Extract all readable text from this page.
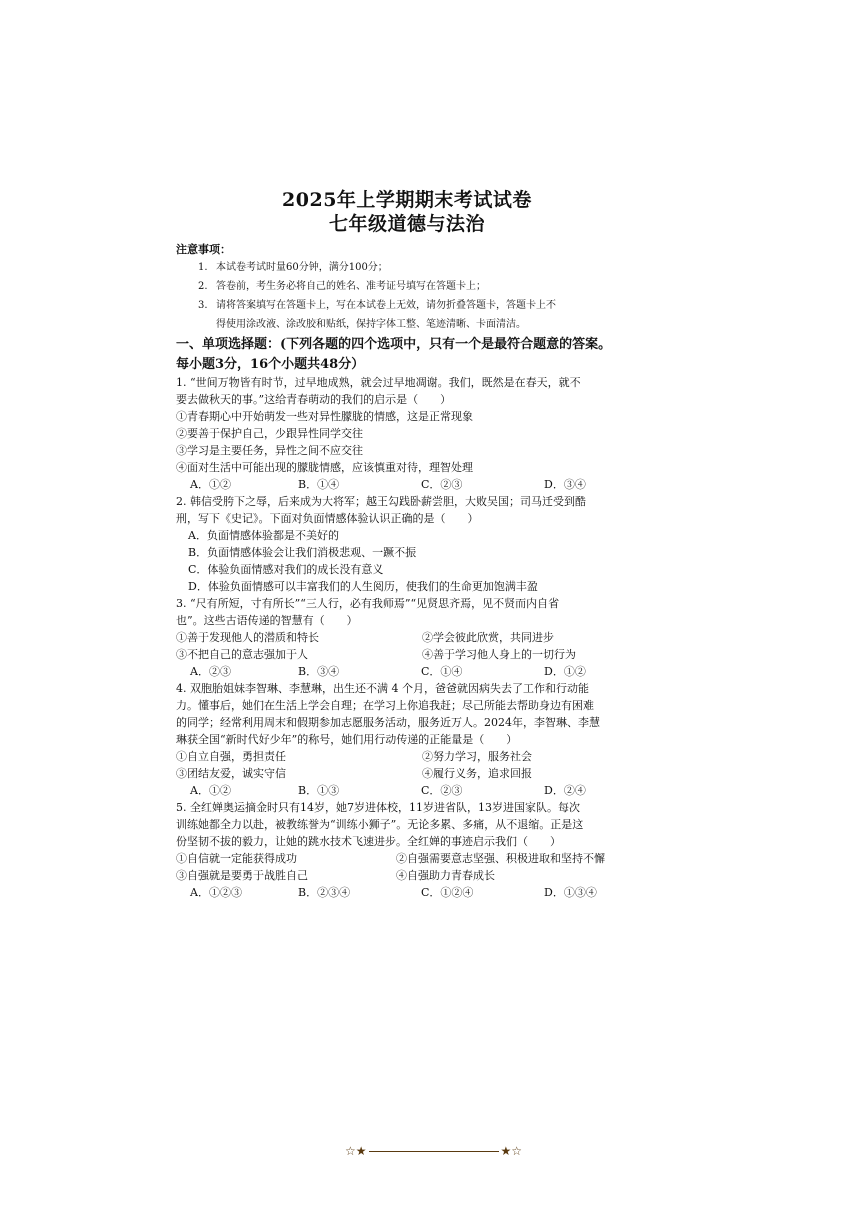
2025年上学期期末考试试卷
七年级道德与法治
注意事项：
1. 本试卷考试时量60分钟，满分100分；
2. 答卷前，考生务必将自己的姓名、准考证号填写在答题卡上；
3. 请将答案填写在答题卡上，写在本试卷上无效，请勿折叠答题卡，答题卡上不
得使用涂改液、涂改胶和贴纸，保持字体工整、笔迹清晰、卡面清洁。
一、单项选择题：(下列各题的四个选项中，只有一个是最符合题意的答案。
每小题3分，16个小题共48分）
1. “世间万物皆有时节，过早地成熟，就会过早地凋谢。我们，既然是在春天，就不
要去做秋天的事。”这给青春萌动的我们的启示是（　　）
①青春期心中开始萌发一些对异性朦胧的情感，这是正常现象
②要善于保护自己，少跟异性同学交往
③学习是主要任务，异性之间不应交往
④面对生活中可能出现的朦胧情感，应该慎重对待，理智处理
A．①②	B．①④	C．②③	D．③④
2. 韩信受胯下之辱，后来成为大将军；越王勾践卧薪尝胆，大败吴国；司马迁受到酷
刑，写下《史记》。下面对负面情感体验认识正确的是（　　）
A．负面情感体验都是不美好的
B．负面情感体验会让我们消极悲观、一蹶不振
C．体验负面情感对我们的成长没有意义
D．体验负面情感可以丰富我们的人生阅历，使我们的生命更加饱满丰盈
3. “尺有所短，寸有所长”“三人行，必有我师焉”“见贤思齐焉，见不贤而内自省
也”。这些古语传递的智慧有（　　）
①善于发现他人的潜质和特长	②学会彼此欣赏，共同进步
③不把自己的意志强加于人	④善于学习他人身上的一切行为
A．②③	B．③④	C．①④	D．①②
4. 双胞胎姐妹李智琳、李慧琳，出生还不满 4 个月，爸爸就因病失去了工作和行动能
力。懂事后，她们在生活上学会自理；在学习上你追我赶；尽己所能去帮助身边有困难
的同学；经常利用周末和假期参加志愿服务活动，服务近万人。2024年，李智琳、李慧
琳获全国“新时代好少年”的称号，她们用行动传递的正能量是（　　）
①自立自强，勇担责任	②努力学习，服务社会
③团结友爱，诚实守信	④履行义务，追求回报
A．①②	B．①③	C．②③	D．②④
5. 全红婵奥运摘金时只有14岁，她7岁进体校，11岁进省队，13岁进国家队。每次
训练她都全力以赴，被教练誉为“训练小狮子”。无论多累、多痛，从不退缩。正是这
份坚韧不拔的毅力，让她的跳水技术飞速进步。全红婵的事迹启示我们（　　）
①自信就一定能获得成功	②自强需要意志坚强、积极进取和坚持不懈
③自强就是要勇于战胜自己	④自强助力青春成长
A．①②③	B．②③④	C．①②④	D．①③④
☆★	★☆
